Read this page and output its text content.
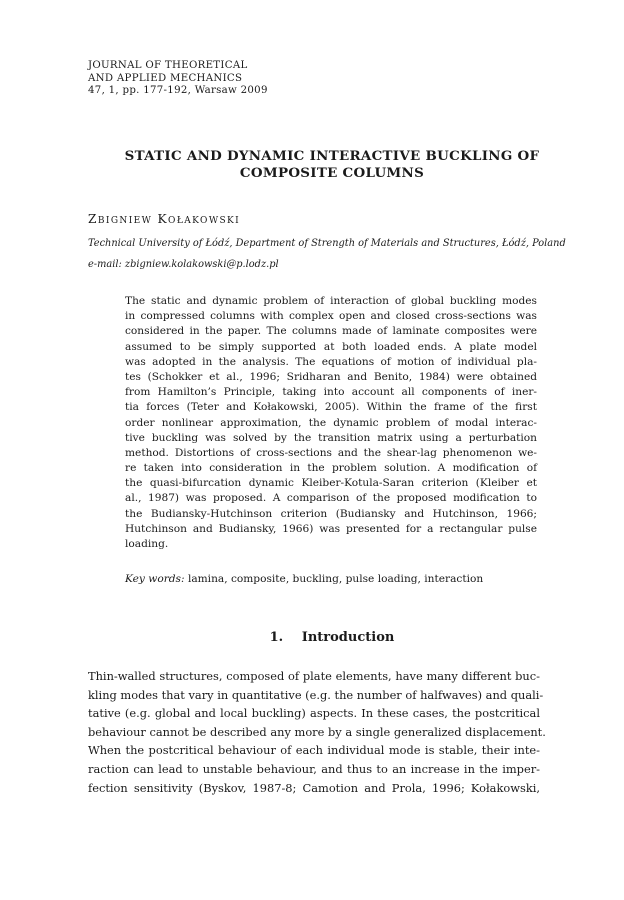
JOURNAL OF THEORETICAL
AND APPLIED MECHANICS
47, 1, pp. 177-192, Warsaw 2009
STATIC AND DYNAMIC INTERACTIVE BUCKLING OF
COMPOSITE COLUMNS
Zbigniew Kołakowski
Technical University of Łódź, Department of Strength of Materials and Structures, Łódź, Poland
e-mail: zbigniew.kolakowski@p.lodz.pl
The static and dynamic problem of interaction of global buckling modes
in compressed columns with complex open and closed cross-sections was
considered in the paper. The columns made of laminate composites were
assumed to be simply supported at both loaded ends. A plate model
was adopted in the analysis. The equations of motion of individual pla-
tes (Schokker et al., 1996; Sridharan and Benito, 1984) were obtained
from Hamilton’s Principle, taking into account all components of iner-
tia forces (Teter and Kołakowski, 2005). Within the frame of the first
order nonlinear approximation, the dynamic problem of modal interac-
tive buckling was solved by the transition matrix using a perturbation
method. Distortions of cross-sections and the shear-lag phenomenon we-
re taken into consideration in the problem solution. A modification of
the quasi-bifurcation dynamic Kleiber-Kotula-Saran criterion (Kleiber et
al., 1987) was proposed. A comparison of the proposed modification to
the Budiansky-Hutchinson criterion (Budiansky and Hutchinson, 1966;
Hutchinson and Budiansky, 1966) was presented for a rectangular pulse
loading.
Key words: lamina, composite, buckling, pulse loading, interaction
1. Introduction
Thin-walled structures, composed of plate elements, have many different buc-
kling modes that vary in quantitative (e.g. the number of halfwaves) and quali-
tative (e.g. global and local buckling) aspects. In these cases, the postcritical
behaviour cannot be described any more by a single generalized displacement.
When the postcritical behaviour of each individual mode is stable, their inte-
raction can lead to unstable behaviour, and thus to an increase in the imper-
fection sensitivity (Byskov, 1987-8; Camotion and Prola, 1996; Kołakowski,
